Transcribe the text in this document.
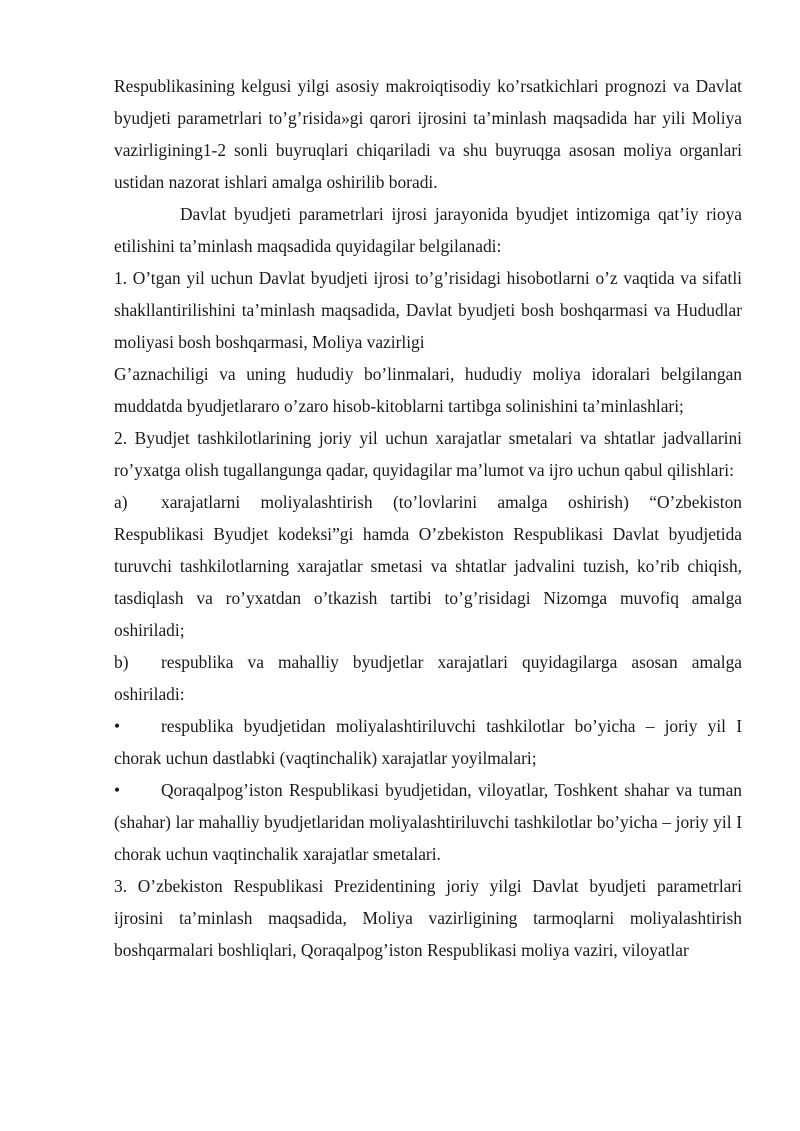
Respublikasining kelgusi yilgi asosiy makroiqtisodiy ko’rsatkichlari prognozi va Davlat byudjeti parametrlari to’g’risida»gi qarori ijrosini ta’minlash maqsadida har yili Moliya vazirligining1-2 sonli buyruqlari chiqariladi va shu buyruqga asosan moliya organlari ustidan nazorat ishlari amalga oshirilib boradi.

Davlat byudjeti parametrlari ijrosi jarayonida byudjet intizomiga qat’iy rioya etilishini ta’minlash maqsadida quyidagilar belgilanadi:

1. O’tgan yil uchun Davlat byudjeti ijrosi to’g’risidagi hisobotlarni o’z vaqtida va sifatli shakllantirilishini ta’minlash maqsadida, Davlat byudjeti bosh boshqarmasi va Hududlar moliyasi bosh boshqarmasi, Moliya vazirligi

G’aznachiligi va uning hududiy bo’linmalari, hududiy moliya idoralari belgilangan muddatda byudjetlararo o’zaro hisob-kitoblarni tartibga solinishini ta’minlashlari;

2. Byudjet tashkilotlarining joriy yil uchun xarajatlar smetalari va shtatlar jadvallarini ro’yxatga olish tugallangunga qadar, quyidagilar ma’lumot va ijro uchun qabul qilishlari:

a) xarajatlarni moliyalashtirish (to’lovlarini amalga oshirish) “O’zbekiston Respublikasi Byudjet kodeksi”gi hamda O’zbekiston Respublikasi Davlat byudjetida turuvchi tashkilotlarning xarajatlar smetasi va shtatlar jadvalini tuzish, ko’rib chiqish, tasdiqlash va ro’yxatdan o’tkazish tartibi to’g’risidagi Nizomga muvofiq amalga oshiriladi;

b) respublika va mahalliy byudjetlar xarajatlari quyidagilarga asosan amalga oshiriladi:

• respublika byudjetidan moliyalashtiriluvchi tashkilotlar bo’yicha – joriy yil I chorak uchun dastlabki (vaqtinchalik) xarajatlar yoyilmalari;

• Qoraqalpog’iston Respublikasi byudjetidan, viloyatlar, Toshkent shahar va tuman (shahar) lar mahalliy byudjetlaridan moliyalashtiriluvchi tashkilotlar bo’yicha – joriy yil I chorak uchun vaqtinchalik xarajatlar smetalari.

3. O’zbekiston Respublikasi Prezidentining joriy yilgi Davlat byudjeti parametrlari ijrosini ta’minlash maqsadida, Moliya vazirligining tarmoqlarni moliyalashtirish boshqarmalari boshliqlari, Qoraqalpog’iston Respublikasi moliya vaziri, viloyatlar
